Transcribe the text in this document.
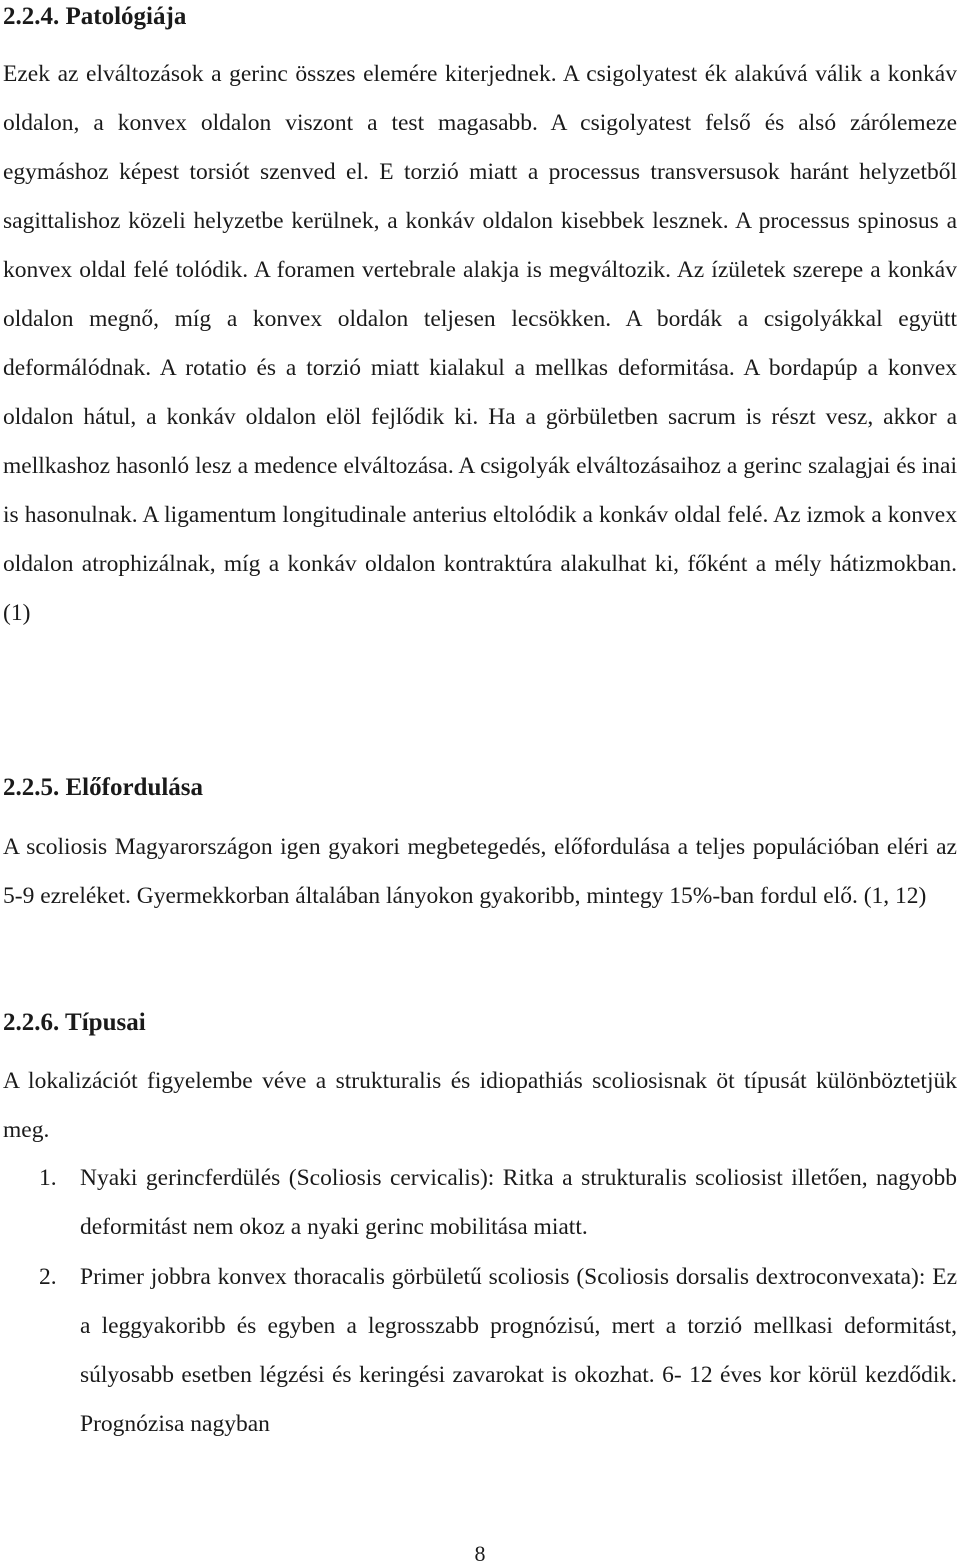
2.2.4. Patológiája

Ezek az elváltozások a gerinc összes elemére kiterjednek. A csigolyatest ék alakúvá válik a konkáv oldalon, a konvex oldalon viszont a test magasabb. A csigolyatest felső és alsó zárólemeze egymáshoz képest torsiót szenved el. E torzió miatt a processus transversusok haránt helyzetből sagittalishoz közeli helyzetbe kerülnek, a konkáv oldalon kisebbek lesznek. A processus spinosus a konvex oldal felé tolódik. A foramen vertebrale alakja is megváltozik. Az ízületek szerepe a konkáv oldalon megnő, míg a konvex oldalon teljesen lecsökken. A bordák a csigolyákkal együtt deformálódnak. A rotatio és a torzió miatt kialakul a mellkas deformitása. A bordapúp a konvex oldalon hátul, a konkáv oldalon elöl fejlődik ki. Ha a görbületben sacrum is részt vesz, akkor a mellkashoz hasonló lesz a medence elváltozása. A csigolyák elváltozásaihoz a gerinc szalagjai és inai is hasonulnak. A ligamentum longitudinale anterius eltolódik a konkáv oldal felé. Az izmok a konvex oldalon atrophizálnak, míg a konkáv oldalon kontraktúra alakulhat ki, főként a mély hátizmokban. (1)

2.2.5. Előfordulása

A scoliosis Magyarországon igen gyakori megbetegedés, előfordulása a teljes populációban eléri az 5-9 ezreléket. Gyermekkorban általában lányokon gyakoribb, mintegy 15%-ban fordul elő. (1, 12)

2.2.6. Típusai

A lokalizációt figyelembe véve a strukturalis és idiopathiás scoliosisnak öt típusát különböztetjük meg.

1. Nyaki gerincferdülés (Scoliosis cervicalis): Ritka a strukturalis scoliosist illetően, nagyobb deformitást nem okoz a nyaki gerinc mobilitása miatt.
2. Primer jobbra konvex thoracalis görbületű scoliosis (Scoliosis dorsalis dextroconvexata): Ez a leggyakoribb és egyben a legrosszabb prognózisú, mert a torzió mellkasi deformitást, súlyosabb esetben légzési és keringési zavarokat is okozhat. 6- 12 éves kor körül kezdődik. Prognózisa nagyban
8
